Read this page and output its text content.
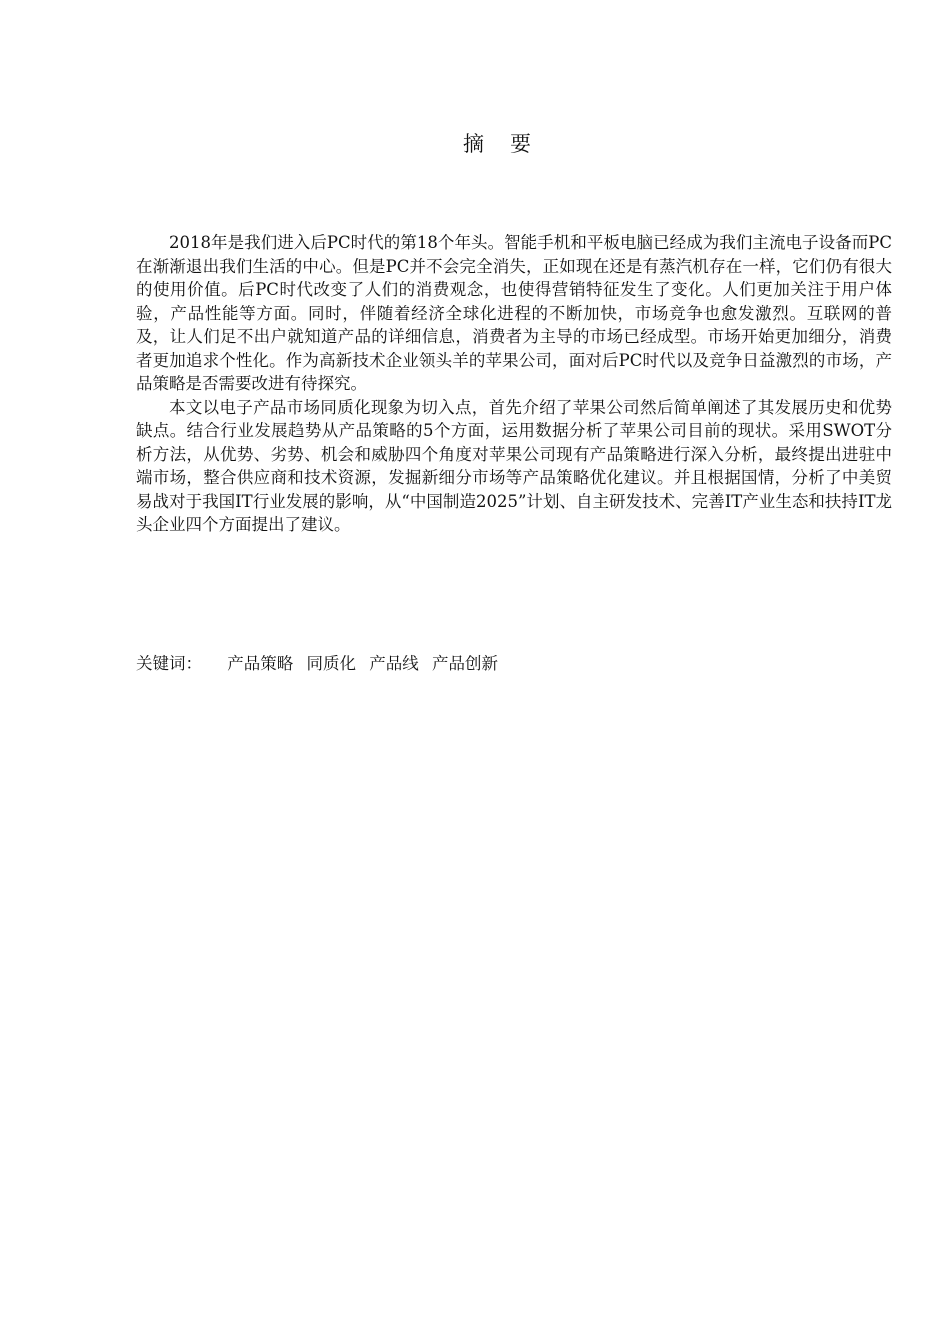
摘要

2018年是我们进入后PC时代的第18个年头。智能手机和平板电脑已经成为我们主流电子设备而PC在渐渐退出我们生活的中心。但是PC并不会完全消失，正如现在还是有蒸汽机存在一样，它们仍有很大的使用价值。后PC时代改变了人们的消费观念，也使得营销特征发生了变化。人们更加关注于用户体验，产品性能等方面。同时，伴随着经济全球化进程的不断加快，市场竞争也愈发激烈。互联网的普及，让人们足不出户就知道产品的详细信息，消费者为主导的市场已经成型。市场开始更加细分，消费者更加追求个性化。作为高新技术企业领头羊的苹果公司，面对后PC时代以及竞争日益激烈的市场，产品策略是否需要改进有待探究。

本文以电子产品市场同质化现象为切入点，首先介绍了苹果公司然后简单阐述了其发展历史和优势缺点。结合行业发展趋势从产品策略的5个方面，运用数据分析了苹果公司目前的现状。采用SWOT分析方法，从优势、劣势、机会和威胁四个角度对苹果公司现有产品策略进行深入分析，最终提出进驻中端市场，整合供应商和技术资源，发掘新细分市场等产品策略优化建议。并且根据国情，分析了中美贸易战对于我国IT行业发展的影响，从“中国制造2025”计划、自主研发技术、完善IT产业生态和扶持IT龙头企业四个方面提出了建议。

关键词： 产品策略 同质化 产品线 产品创新
